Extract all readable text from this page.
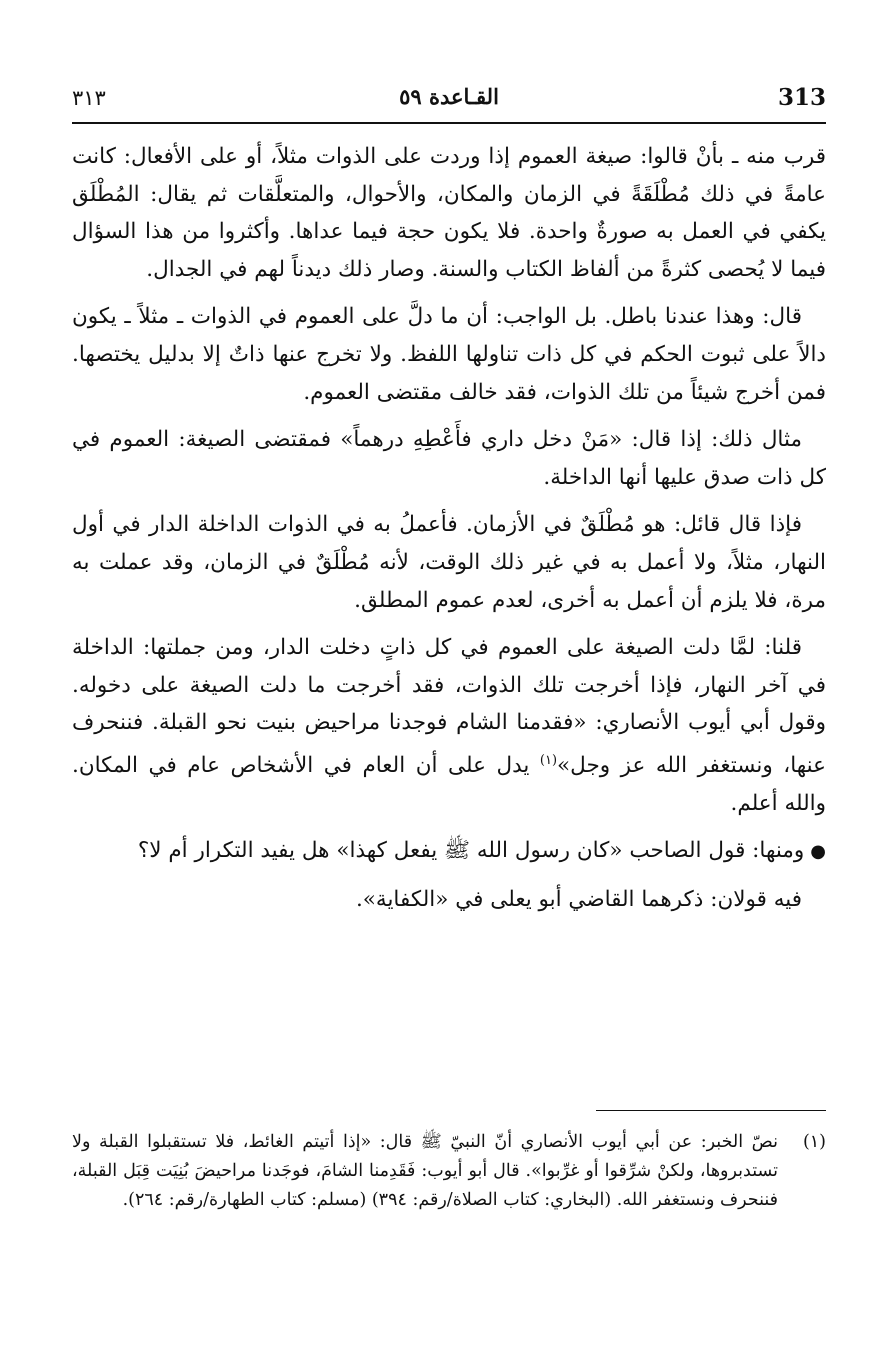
٣١٣	القـاعدة ٥٩	313

قرب منه ـ بأنْ قالوا: صيغة العموم إذا وردت على الذوات مثلاً، أو على الأفعال: كانت عامةً في ذلك مُطْلَقَةً في الزمان والمكان، والأحوال، والمتعلَّقات ثم يقال: المُطْلَق يكفي في العمل به صورةٌ واحدة. فلا يكون حجة فيما عداها. وأكثروا من هذا السؤال فيما لا يُحصى كثرةً من ألفاظ الكتاب والسنة. وصار ذلك ديدناً لهم في الجدال.

قال: وهذا عندنا باطل. بل الواجب: أن ما دلَّ على العموم في الذوات ـ مثلاً ـ يكون دالاً على ثبوت الحكم في كل ذات تناولها اللفظ. ولا تخرج عنها ذاتٌ إلا بدليل يختصها. فمن أخرج شيئاً من تلك الذوات، فقد خالف مقتضى العموم.

مثال ذلك: إذا قال: «مَنْ دخل داري فأَعْطِهِ درهماً» فمقتضى الصيغة: العموم في كل ذات صدق عليها أنها الداخلة.

فإذا قال قائل: هو مُطْلَقٌ في الأزمان. فأعملُ به في الذوات الداخلة الدار في أول النهار، مثلاً، ولا أعمل به في غير ذلك الوقت، لأنه مُطْلَقٌ في الزمان، وقد عملت به مرة، فلا يلزم أن أعمل به أخرى، لعدم عموم المطلق.

قلنا: لمَّا دلت الصيغة على العموم في كل ذاتٍ دخلت الدار، ومن جملتها: الداخلة في آخر النهار، فإذا أخرجت تلك الذوات، فقد أخرجت ما دلت الصيغة على دخوله. وقول أبي أيوب الأنصاري: «فقدمنا الشام فوجدنا مراحيض بنيت نحو القبلة. فننحرف عنها، ونستغفر الله عز وجل»$^{(١)}$ يدل على أن العام في الأشخاص عام في المكان. والله أعلم.

●ومنها: قول الصاحب «كان رسول الله ﷺ يفعل كهذا» هل يفيد التكرار أم لا؟

فيه قولان: ذكرهما القاضي أبو يعلى في «الكفاية».

(١)
نصّ الخبر: عن أبي أيوب الأنصاري أنّ النبيّ ﷺ قال: «إذا أتيتم الغائط، فلا تستقبلوا القبلة ولا تستدبروها، ولكنْ شرِّقوا أو غرِّبوا». قال أبو أيوب: فَقَدِمنا الشامَ، فوجَدنا مراحيضَ بُنِيَت قِبَل القبلة، فننحرف ونستغفر الله. (البخاري: كتاب الصلاة/رقم: ٣٩٤) (مسلم: كتاب الطهارة/رقم: ٢٦٤).
